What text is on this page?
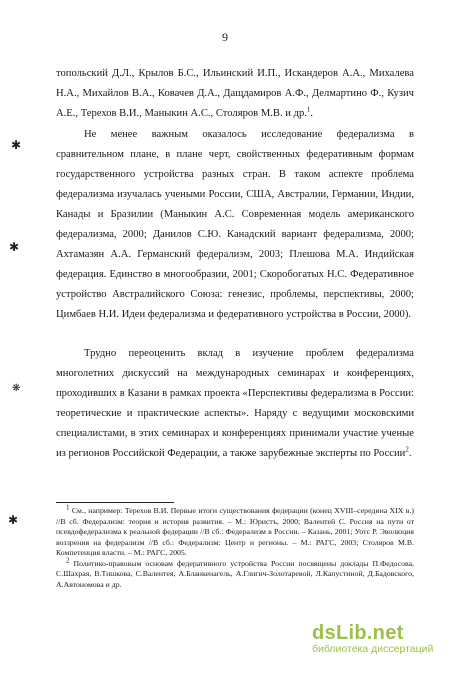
9

топольский Д.Л., Крылов Б.С., Ильинский И.П., Искандеров А.А., Михалева Н.А., Михайлов В.А., Ковачев Д.А., Дащдамиров А.Ф., Делмартино Ф., Кузич А.Е., Терехов В.И., Маныкин А.С., Столяров М.В. и др.$^1$.

Не менее важным оказалось исследование федерализма в сравнительном плане, в плане черт, свойственных федеративным формам государственного устройства разных стран. В таком аспекте проблема федерализма изучалась учеными России, США, Австралии, Германии, Индии, Канады и Бразилии (Маныкин А.С. Современная модель американского федерализма, 2000; Данилов С.Ю. Канадский вариант федерализма, 2000; Ахтамазян А.А. Германский федерализм, 2003; Плешова М.А. Индийская федерация. Единство в многообразии, 2001; Скоробогатых Н.С. Федеративное устройство Австралийского Союза: генезис, проблемы, перспективы, 2000; Цимбаев Н.И. Идеи федерализма и федеративного устройства в России, 2000).

Трудно переоценить вклад в изучение проблем федерализма многолетних дискуссий на международных семинарах и конференциях, проходивших в Казани в рамках проекта «Перспективы федерализма в России: теоретические и практические аспекты». Наряду с ведущими московскими специалистами, в этих семинарах и конференциях принимали участие ученые из регионов Российской Федерации, а также зарубежные эксперты по России$^2$.

$^1$ См., например: Терехов В.И. Первые итоги существования федерации (конец XVIII–середина XIX в.) //В сб. Федерализм: теория и история развития. – М.: Юристъ, 2000; Валентей С. Россия на пути от псевдофедерализма к реальной федерации //В сб.: Федерализм в России. – Казань, 2001; Уотс Р. Эволюция воззрения на федерализм //В сб.: Федерализм: Центр и регионы. – М.: РАГС, 2003; Столяров М.В. Компетенция власти. – М.: РАГС, 2005.

$^2$ Политико-правовым основам федеративного устройства России посвящены доклады П.Федосова, С.Шахрая, В.Тишкова, С.Валентея, А.Бланкенагель, А.Глигич-Золотаревой, Л.Капустиной, Д.Бадовского, А.Автономова и др.

✱
✱
❋
✱
dsLib.net
библиотека диссертаций
